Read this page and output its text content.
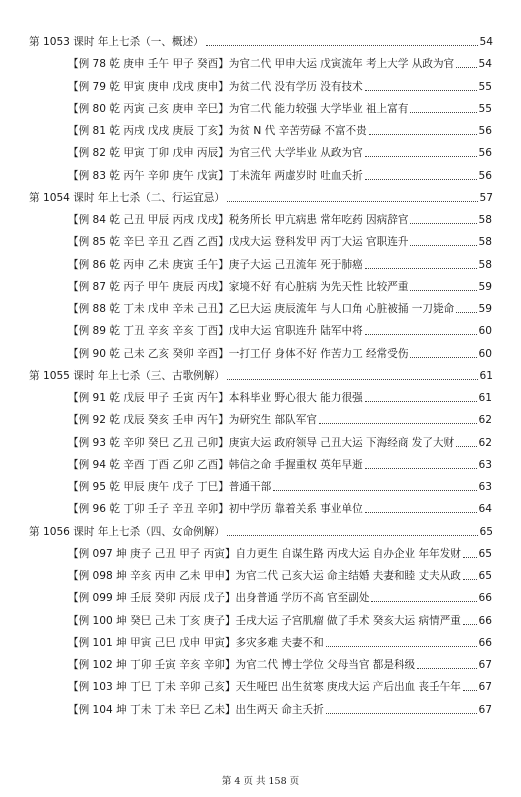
第 1053 课时 年上七杀（一、概述）	54
【例 78 乾 庚申 壬午 甲子 癸酉】为官二代 甲申大运 戊寅流年 考上大学 从政为官 54
【例 79 乾 甲寅 庚申 戊戌 庚申】为贫二代 没有学历 没有技术	55
【例 80 乾 丙寅 己亥 庚申 辛巳】为官二代 能力较强 大学毕业 祖上富有	55
【例 81 乾 丙戌 戊戌 庚辰 丁亥】为贫 N 代 辛苦劳碌 不富不贵	56
【例 82 乾 甲寅 丁卯 戊申 丙辰】为官三代 大学毕业 从政为官	56
【例 83 乾 丙午 辛卯 庚午 戊寅】丁未流年 两虚岁时 吐血夭折	56
第 1054 课时 年上七杀（二、行运宜忌）	57
【例 84 乾 己丑 甲辰 丙戌 戊戌】税务所长 甲亢病患 常年吃药 因病辞官	58
【例 85 乾 辛巳 辛丑 乙酉 乙酉】戊戌大运 登科发甲 丙丁大运 官职连升	58
【例 86 乾 丙申 乙未 庚寅 壬午】庚子大运 己丑流年 死于肺癌	58
【例 87 乾 丙子 甲午 庚辰 丙戌】家境不好 有心脏病 为先天性 比较严重	59
【例 88 乾 丁未 戊申 辛未 己丑】乙巳大运 庚辰流年 与人口角 心脏被捅 一刀毙命 59
【例 89 乾 丁丑 辛亥 辛亥 丁酉】戊申大运 官职连升 陆军中将	60
【例 90 乾 己未 乙亥 癸卯 辛酉】一打工仔 身体不好 作苦力工 经常受伤	60
第 1055 课时 年上七杀（三、古歌例解）	61
【例 91 乾 戊辰 甲子 壬寅 丙午】本科毕业 野心很大 能力很强	61
【例 92 乾 戊辰 癸亥 壬申 丙午】为研究生 部队军官	62
【例 93 乾 辛卯 癸巳 乙丑 己卯】庚寅大运 政府领导 己丑大运 下海经商 发了大财 62
【例 94 乾 辛酉 丁酉 乙卯 乙酉】韩信之命 手握重权 英年早逝	63
【例 95 乾 甲辰 庚午 戊子 丁巳】普通干部	63
【例 96 乾 丁卯 壬子 辛丑 辛卯】初中学历 靠着关系 事业单位	64
第 1056 课时 年上七杀（四、女命例解）	65
【例 097 坤 庚子 己丑 甲子 丙寅】自力更生 自谋生路 丙戌大运 自办企业 年年发财 65
【例 098 坤 辛亥 丙申 乙未 甲申】为官二代 己亥大运 命主结婚 夫妻和睦 丈夫从政 65
【例 099 坤 壬辰 癸卯 丙辰 戊子】出身普通 学历不高 官至副处	66
【例 100 坤 癸巳 己未 丁亥 庚子】壬戌大运 子宫肌瘤 做了手术 癸亥大运 病情严重 66
【例 101 坤 甲寅 己巳 戊申 甲寅】多灾多难 夫妻不和	66
【例 102 坤 丁卯 壬寅 辛亥 辛卯】为官二代 博士学位 父母当官 都是科级	67
【例 103 坤 丁巳 丁未 辛卯 己亥】天生哑巴 出生贫寒 庚戌大运 产后出血 丧壬午年 67
【例 104 坤 丁未 丁未 辛巳 乙未】出生两天 命主夭折	67
第 4 页 共 158 页
